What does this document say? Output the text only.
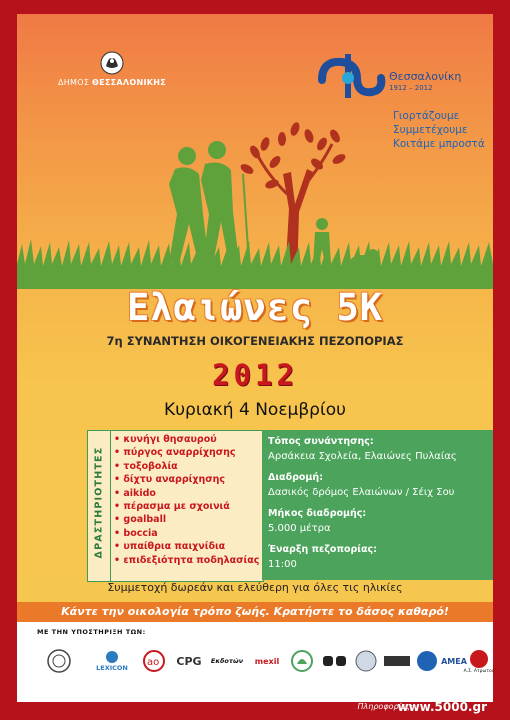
ΔΗΜΟΣ ΘΕΣΣΑΛΟΝΙΚΗΣ	Θεσσαλονίκη
1912 – 2012
Γιορτάζουμε
Συμμετέχουμε
Κοιτάμε μπροστά
Ελαιώνες 5Κ
7η ΣΥΝΑΝΤΗΣΗ ΟΙΚΟΓΕΝΕΙΑΚΗΣ ΠΕΖΟΠΟΡΙΑΣ
2012
Κυριακή 4 Νοεμβρίου
ΔΡΑΣΤΗΡΙΟΤΗΤΕΣ
• κυνήγι θησαυρού
• πύργος αναρρίχησης
• τοξοβολία
• δίχτυ αναρρίχησης
• aikido
• πέρασμα με σχοινιά
• goalball
• boccia
• υπαίθρια παιχνίδια
• επιδεξιότητα ποδηλασίας
Τόπος συνάντησης:
Αρσάκεια Σχολεία, Ελαιώνες Πυλαίας
Διαδρομή:
Δασικός δρόμος Ελαιώνων / Σέιχ Σου
Μήκος διαδρομής:
5.000 μέτρα
Έναρξη πεζοπορίας:
11:00
Συμμετοχή δωρεάν και ελεύθερη για όλες τις ηλικίες
Κάντε την οικολογία τρόπο ζωής. Κρατήστε το δάσος καθαρό!
ΜΕ ΤΗΝ ΥΠΟΣΤΗΡΙΞΗ ΤΩΝ:
LEXICON ao CPG Εκδοτών mexil	AMEA
Α.Σ. Ατρωτος
Πληροφορίες:
www.5000.gr
